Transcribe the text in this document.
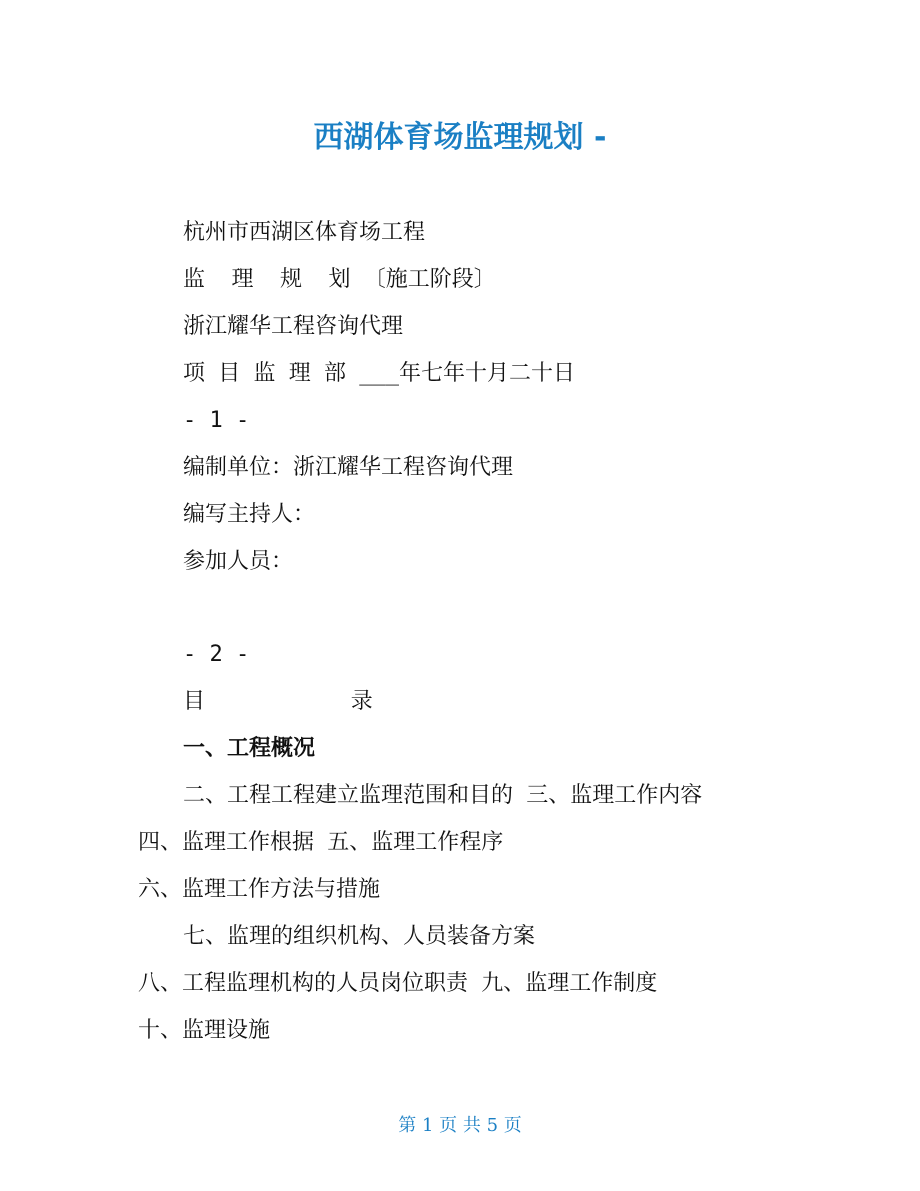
西湖体育场监理规划 -
杭州市西湖区体育场工程
监  理  规  划 〔施工阶段〕
浙江耀华工程咨询代理
项 目 监 理 部 ___年七年十月二十日
- 1 -
编制单位：浙江耀华工程咨询代理
编写主持人：
参加人员：
- 2 -
目           录
一、工程概况
二、工程工程建立监理范围和目的 三、监理工作内容
四、监理工作根据 五、监理工作程序
六、监理工作方法与措施
七、监理的组织机构、人员装备方案
八、工程监理机构的人员岗位职责 九、监理工作制度
十、监理设施
第 1 页 共 5 页
